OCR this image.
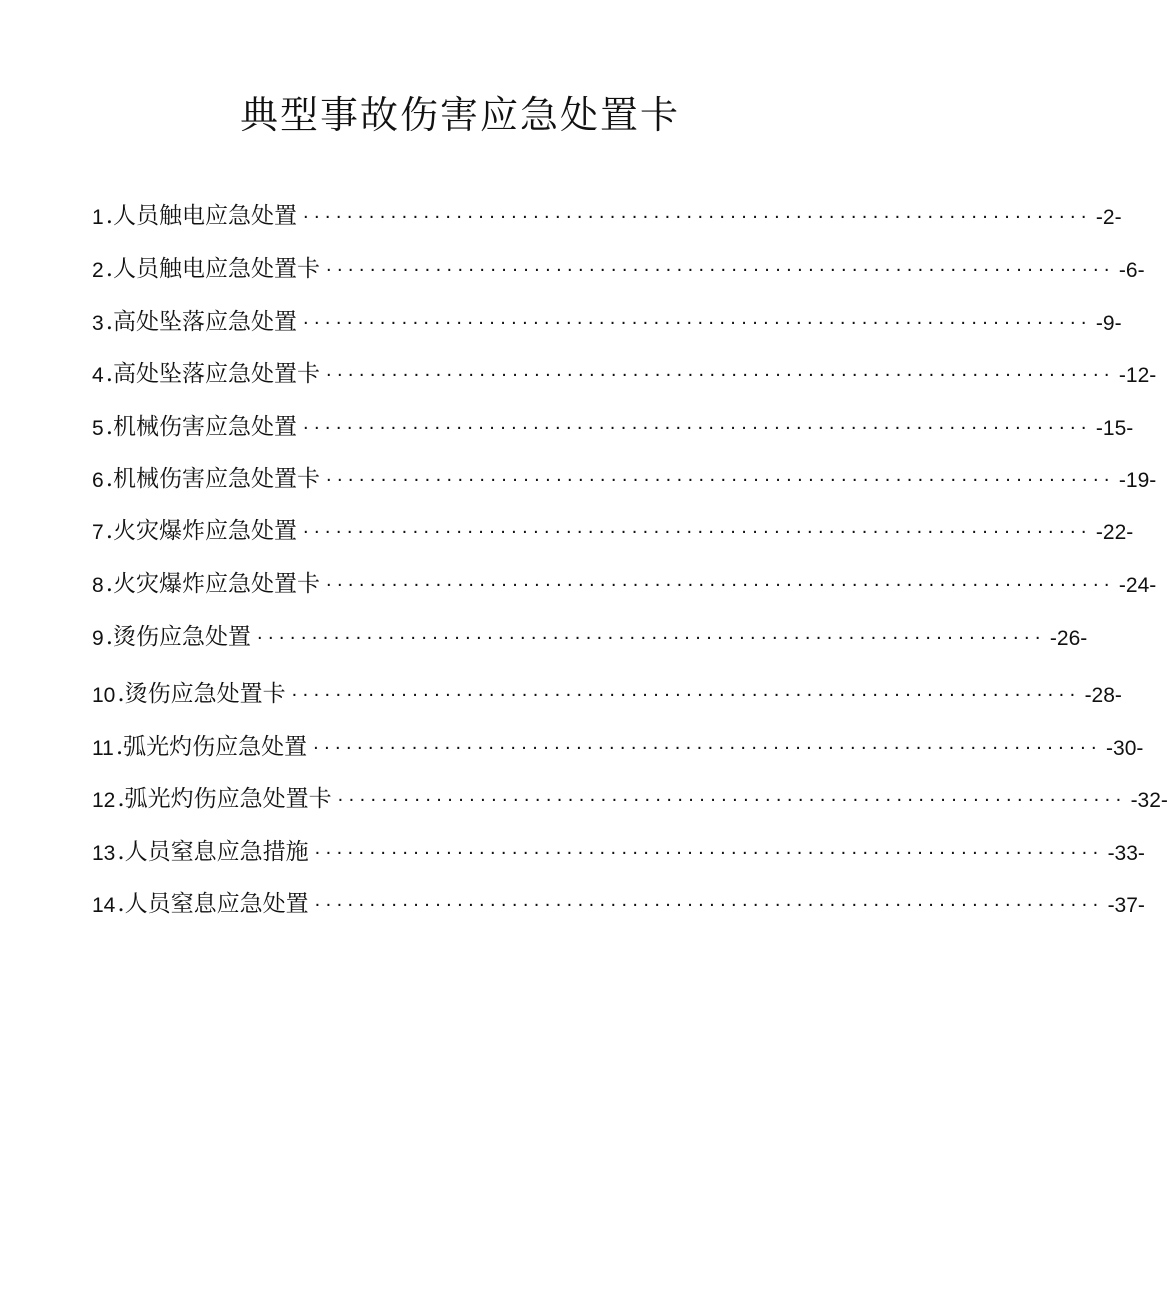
典型事故伤害应急处置卡
1 .人员触电应急处置 ........................................................................ -2-
2 .人员触电应急处置卡 ........................................................................ -6-
3 .高处坠落应急处置 ........................................................................ -9-
4 .高处坠落应急处置卡 ........................................................................ -12-
5 .机械伤害应急处置 ........................................................................ -15-
6 .机械伤害应急处置卡 ........................................................................ -19-
7 .火灾爆炸应急处置 ........................................................................ -22-
8 .火灾爆炸应急处置卡 ........................................................................ -24-
9 .烫伤应急处置 ........................................................................ -26-
10 .烫伤应急处置卡 ........................................................................ -28-
11 .弧光灼伤应急处置 ........................................................................ -30-
12 .弧光灼伤应急处置卡 ........................................................................ -32-
13 .人员窒息应急措施 ........................................................................ -33-
14 .人员窒息应急处置 ........................................................................ -37-
